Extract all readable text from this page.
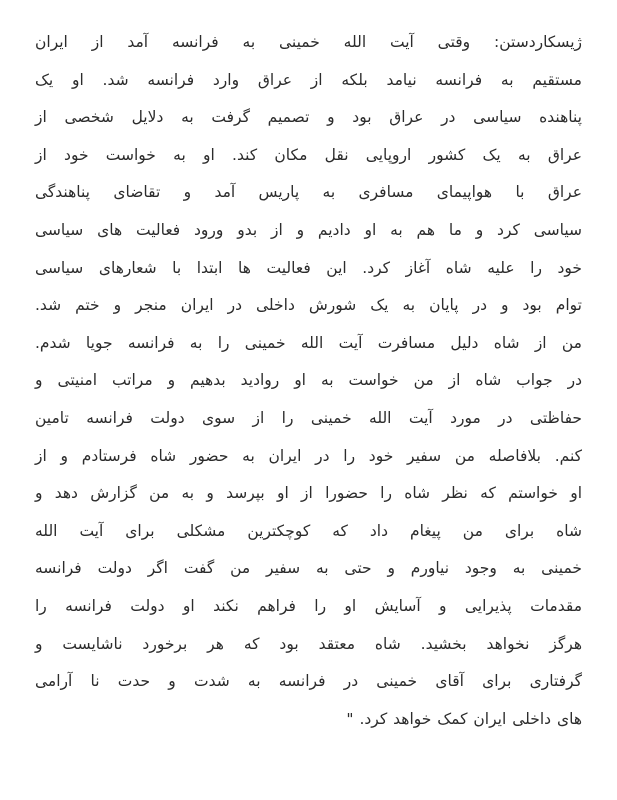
ژیسکاردستن: وقتی آیت الله خمینی به فرانسه آمد از ایران
مستقیم به فرانسه نیامد بلکه از عراق وارد فرانسه شد. او یک
پناهنده سیاسی در عراق بود و تصمیم گرفت به دلایل شخصی از
عراق به یک کشور اروپایی نقل مکان کند. او به خواست خود از
عراق با هواپیمای مسافری به پاریس آمد و تقاضای پناهندگی
سیاسی کرد و ما هم به او دادیم و از بدو ورود فعالیت های سیاسی
خود را علیه شاه آغاز کرد. این فعالیت ها ابتدا با شعارهای سیاسی
توام بود و در پایان به یک شورش داخلی در ایران منجر و ختم شد.
من از شاه دلیل مسافرت آیت الله خمینی را به فرانسه جویا شدم.
در جواب شاه از من خواست به او روادید بدهیم و مراتب امنیتی و
حفاظتی در مورد آیت الله خمینی را از سوی دولت فرانسه تامین
کنم. بلافاصله من سفیر خود را در ایران به حضور شاه فرستادم و از
او خواستم که نظر شاه را حضورا از او بپرسد و به من گزارش دهد و
شاه برای من پیغام داد که کوچکترین مشکلی برای آیت الله
خمینی به وجود نیاورم و حتی به سفیر من گفت اگر دولت فرانسه
مقدمات پذیرایی و آسایش او را فراهم نکند او دولت فرانسه را
هرگز نخواهد بخشید. شاه معتقد بود که هر برخورد ناشایست و
گرفتاری برای آقای خمینی در فرانسه به شدت و حدت نا آرامی
های داخلی ایران کمک خواهد کرد. "
